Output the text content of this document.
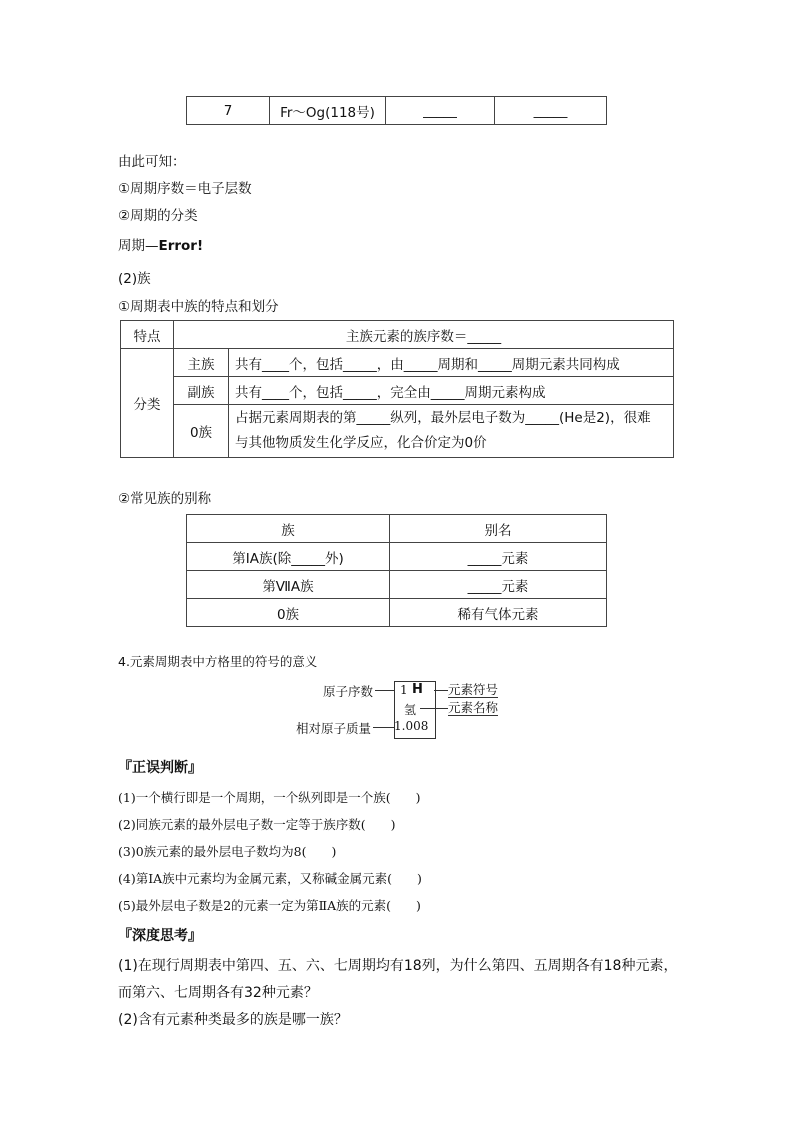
7	Fr～Og(118号)	_____	_____
由此可知：
①周期序数＝电子层数
②周期的分类
周期—Error!
(2)族
①周期表中族的特点和划分
特点	主族元素的族序数＝_____	
分类	主族	共有____个，包括_____，由_____周期和_____周期元素共同构成
	副族	共有____个，包括_____，完全由_____周期元素构成
	0族	占据元素周期表的第_____纵列，最外层电子数为_____(He是2)，很难
与其他物质发生化学反应，化合价定为0价
②常见族的别称
族	别名
第ⅠA族(除_____外)	_____元素
第ⅦA族	_____元素
0族	稀有气体元素
4.元素周期表中方格里的符号的意义
原子序数
相对原子质量
1 H
氢
1.008
元素符号
元素名称
『正误判断』
(1)一个横行即是一个周期，一个纵列即是一个族(　　)
(2)同族元素的最外层电子数一定等于族序数(　　)
(3)0族元素的最外层电子数均为8(　　)
(4)第ⅠA族中元素均为金属元素，又称碱金属元素(　　)
(5)最外层电子数是2的元素一定为第ⅡA族的元素(　　)
『深度思考』
(1)在现行周期表中第四、五、六、七周期均有18列，为什么第四、五周期各有18种元素，
而第六、七周期各有32种元素？
(2)含有元素种类最多的族是哪一族？
